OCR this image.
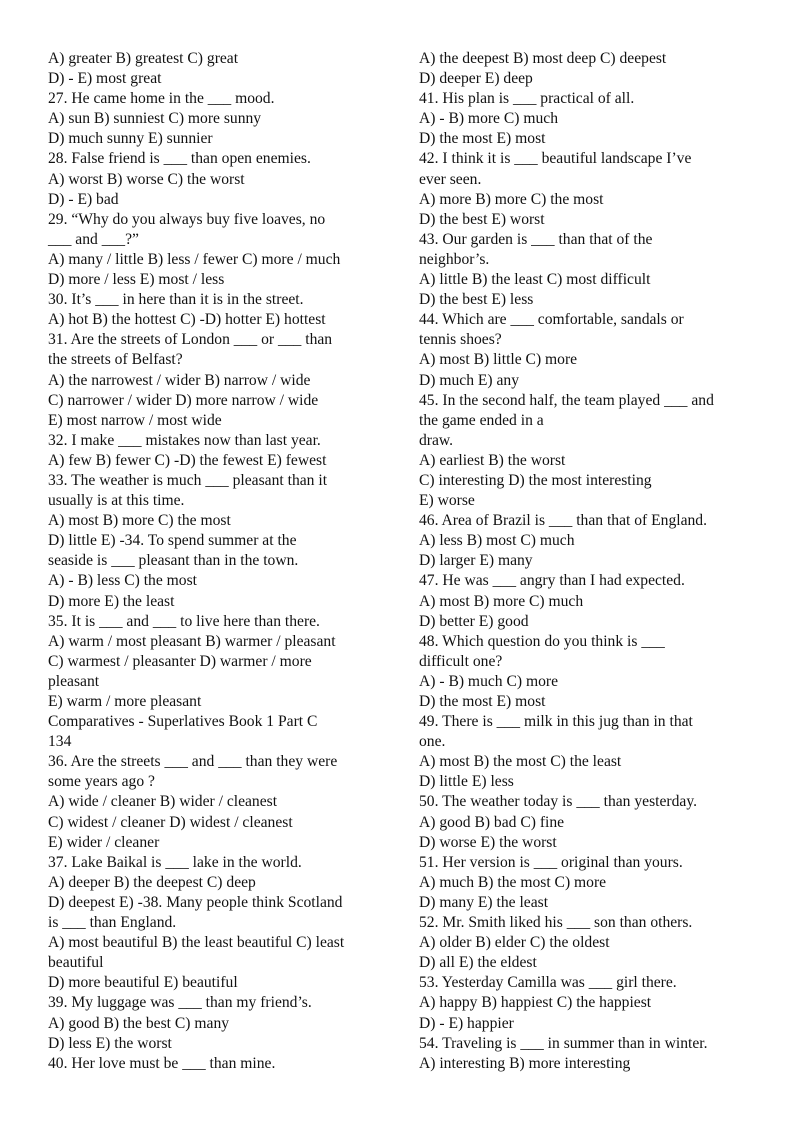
A) greater B) greatest C) great
D) - E) most great
27. He came home in the ___ mood.
A) sun B) sunniest C) more sunny
D) much sunny E) sunnier
28. False friend is ___ than open enemies.
A) worst B) worse C) the worst
D) - E) bad
29. “Why do you always buy five loaves, no
___ and ___?”
A) many / little B) less / fewer C) more / much
D) more / less E) most / less
30. It’s ___ in here than it is in the street.
A) hot B) the hottest C) -D) hotter E) hottest
31. Are the streets of London ___ or ___ than
the streets of Belfast?
A) the narrowest / wider B) narrow / wide
C) narrower / wider D) more narrow / wide
E) most narrow / most wide
32. I make ___ mistakes now than last year.
A) few B) fewer C) -D) the fewest E) fewest
33. The weather is much ___ pleasant than it
usually is at this time.
A) most B) more C) the most
D) little E) -34. To spend summer at the
seaside is ___ pleasant than in the town.
A) - B) less C) the most
D) more E) the least
35. It is ___ and ___ to live here than there.
A) warm / most pleasant B) warmer / pleasant
C) warmest / pleasanter D) warmer / more
pleasant
E) warm / more pleasant
Comparatives - Superlatives Book 1 Part C
134
36. Are the streets ___ and ___ than they were
some years ago ?
A) wide / cleaner B) wider / cleanest
C) widest / cleaner D) widest / cleanest
E) wider / cleaner
37. Lake Baikal is ___ lake in the world.
A) deeper B) the deepest C) deep
D) deepest E) -38. Many people think Scotland
is ___ than England.
A) most beautiful B) the least beautiful C) least
beautiful
D) more beautiful E) beautiful
39. My luggage was ___ than my friend’s.
A) good B) the best C) many
D) less E) the worst
40. Her love must be ___ than mine.
A) the deepest B) most deep C) deepest
D) deeper E) deep
41. His plan is ___ practical of all.
A) - B) more C) much
D) the most E) most
42. I think it is ___ beautiful landscape I’ve
ever seen.
A) more B) more C) the most
D) the best E) worst
43. Our garden is ___ than that of the
neighbor’s.
A) little B) the least C) most difficult
D) the best E) less
44. Which are ___ comfortable, sandals or
tennis shoes?
A) most B) little C) more
D) much E) any
45. In the second half, the team played ___ and
the game ended in a
draw.
A) earliest B) the worst
C) interesting D) the most interesting
E) worse
46. Area of Brazil is ___ than that of England.
A) less B) most C) much
D) larger E) many
47. He was ___ angry than I had expected.
A) most B) more C) much
D) better E) good
48. Which question do you think is ___
difficult one?
A) - B) much C) more
D) the most E) most
49. There is ___ milk in this jug than in that
one.
A) most B) the most C) the least
D) little E) less
50. The weather today is ___ than yesterday.
A) good B) bad C) fine
D) worse E) the worst
51. Her version is ___ original than yours.
A) much B) the most C) more
D) many E) the least
52. Mr. Smith liked his ___ son than others.
A) older B) elder C) the oldest
D) all E) the eldest
53. Yesterday Camilla was ___ girl there.
A) happy B) happiest C) the happiest
D) - E) happier
54. Traveling is ___ in summer than in winter.
A) interesting B) more interesting
